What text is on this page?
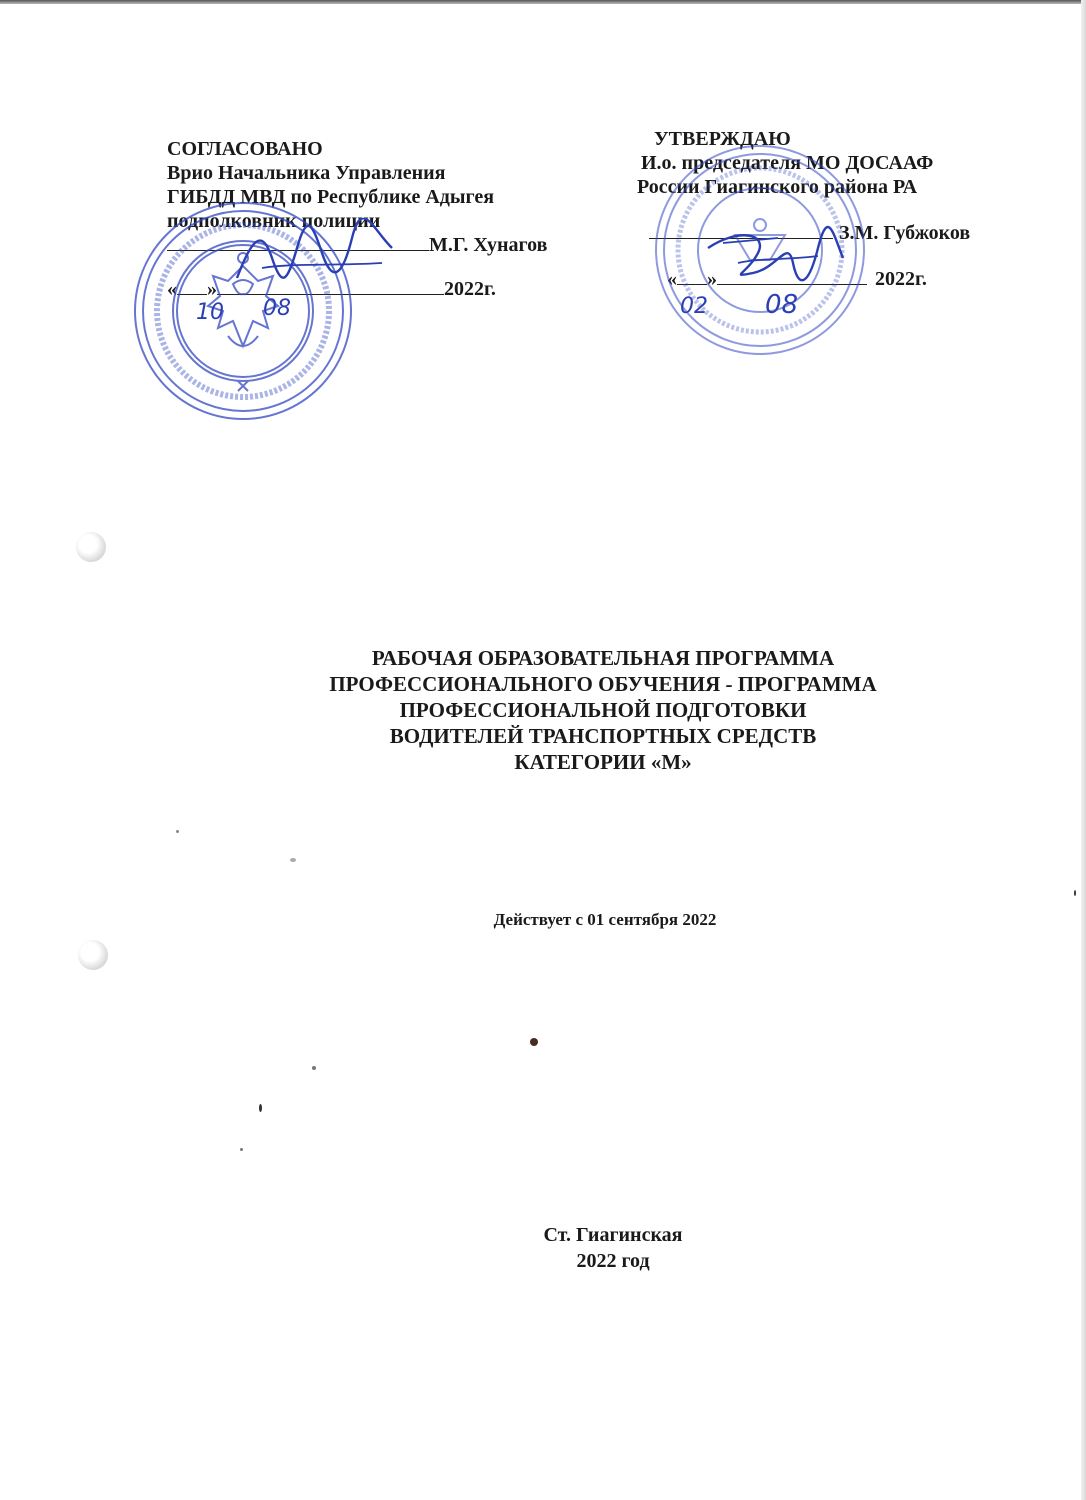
СОГЛАСОВАНО
Врио Начальника Управления
ГИБДД МВД по Республике Адыгея
подполковник полиции
М.Г. Хунагов
« »	2022г.
10 08
УТВЕРЖДАЮ
И.о. председателя МО ДОСААФ
России Гиагинского района РА
З.М. Губжоков
« »	2022г.
02 08
РАБОЧАЯ ОБРАЗОВАТЕЛЬНАЯ ПРОГРАММА
ПРОФЕССИОНАЛЬНОГО ОБУЧЕНИЯ - ПРОГРАММА
ПРОФЕССИОНАЛЬНОЙ ПОДГОТОВКИ
ВОДИТЕЛЕЙ ТРАНСПОРТНЫХ СРЕДСТВ
КАТЕГОРИИ «М»
Действует с 01 сентября 2022
Ст. Гиагинская
2022 год
